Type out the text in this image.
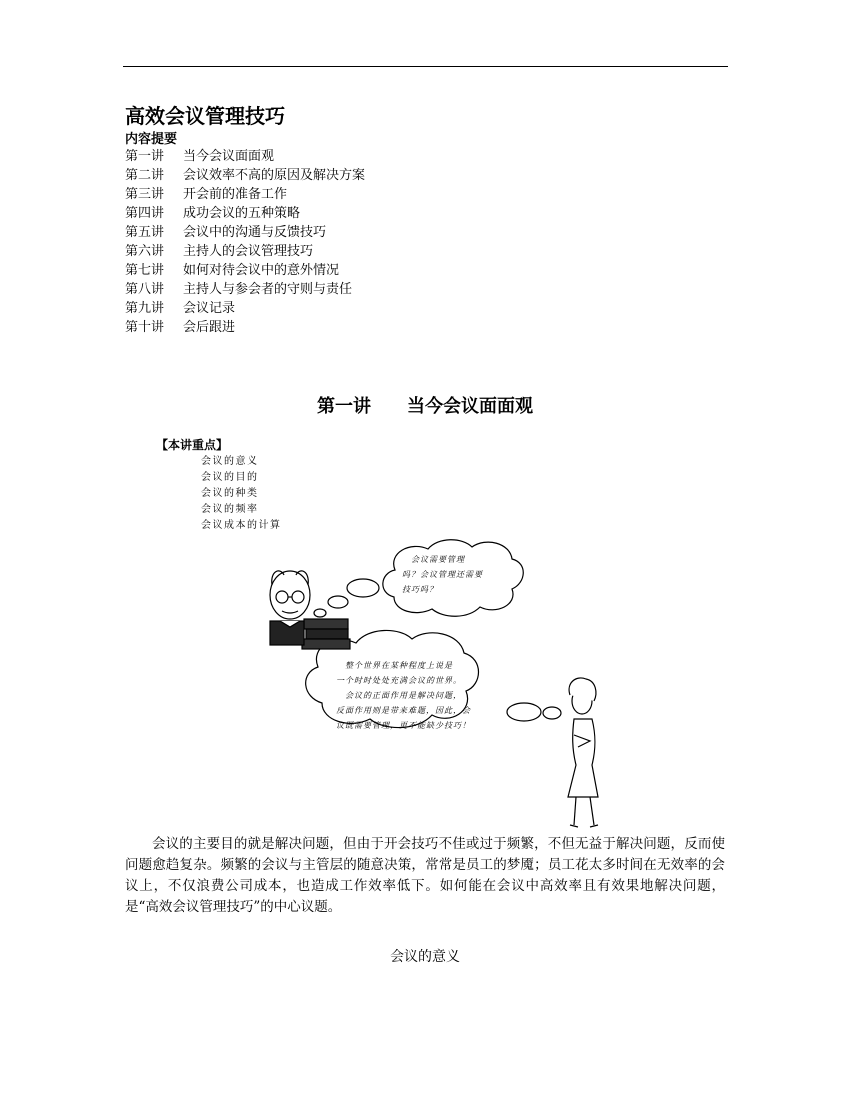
高效会议管理技巧
内容提要
第一讲 当今会议面面观
第二讲 会议效率不高的原因及解决方案
第三讲 开会前的准备工作
第四讲 成功会议的五种策略
第五讲 会议中的沟通与反馈技巧
第六讲 主持人的会议管理技巧
第七讲 如何对待会议中的意外情况
第八讲 主持人与参会者的守则与责任
第九讲 会议记录
第十讲 会后跟进
第一讲　　当今会议面面观
【本讲重点】
会议的意义
会议的目的
会议的种类
会议的频率
会议成本的计算
　会议需要管理
吗？会议管理还需要
技巧吗？
　整个世界在某种程度上说是
一个时时处处充满会议的世界。
　会议的正面作用是解决问题，
反面作用则是带来难题，因此，会
议既需要管理，更不能缺少技巧！

会议的主要目的就是解决问题，但由于开会技巧不佳或过于频繁，不但无益于解决问题，反而使问题愈趋复杂。频繁的会议与主管层的随意决策，常常是员工的梦魇；员工花太多时间在无效率的会议上，不仅浪费公司成本，也造成工作效率低下。如何能在会议中高效率且有效果地解决问题，是“高效会议管理技巧”的中心议题。

会议的意义
